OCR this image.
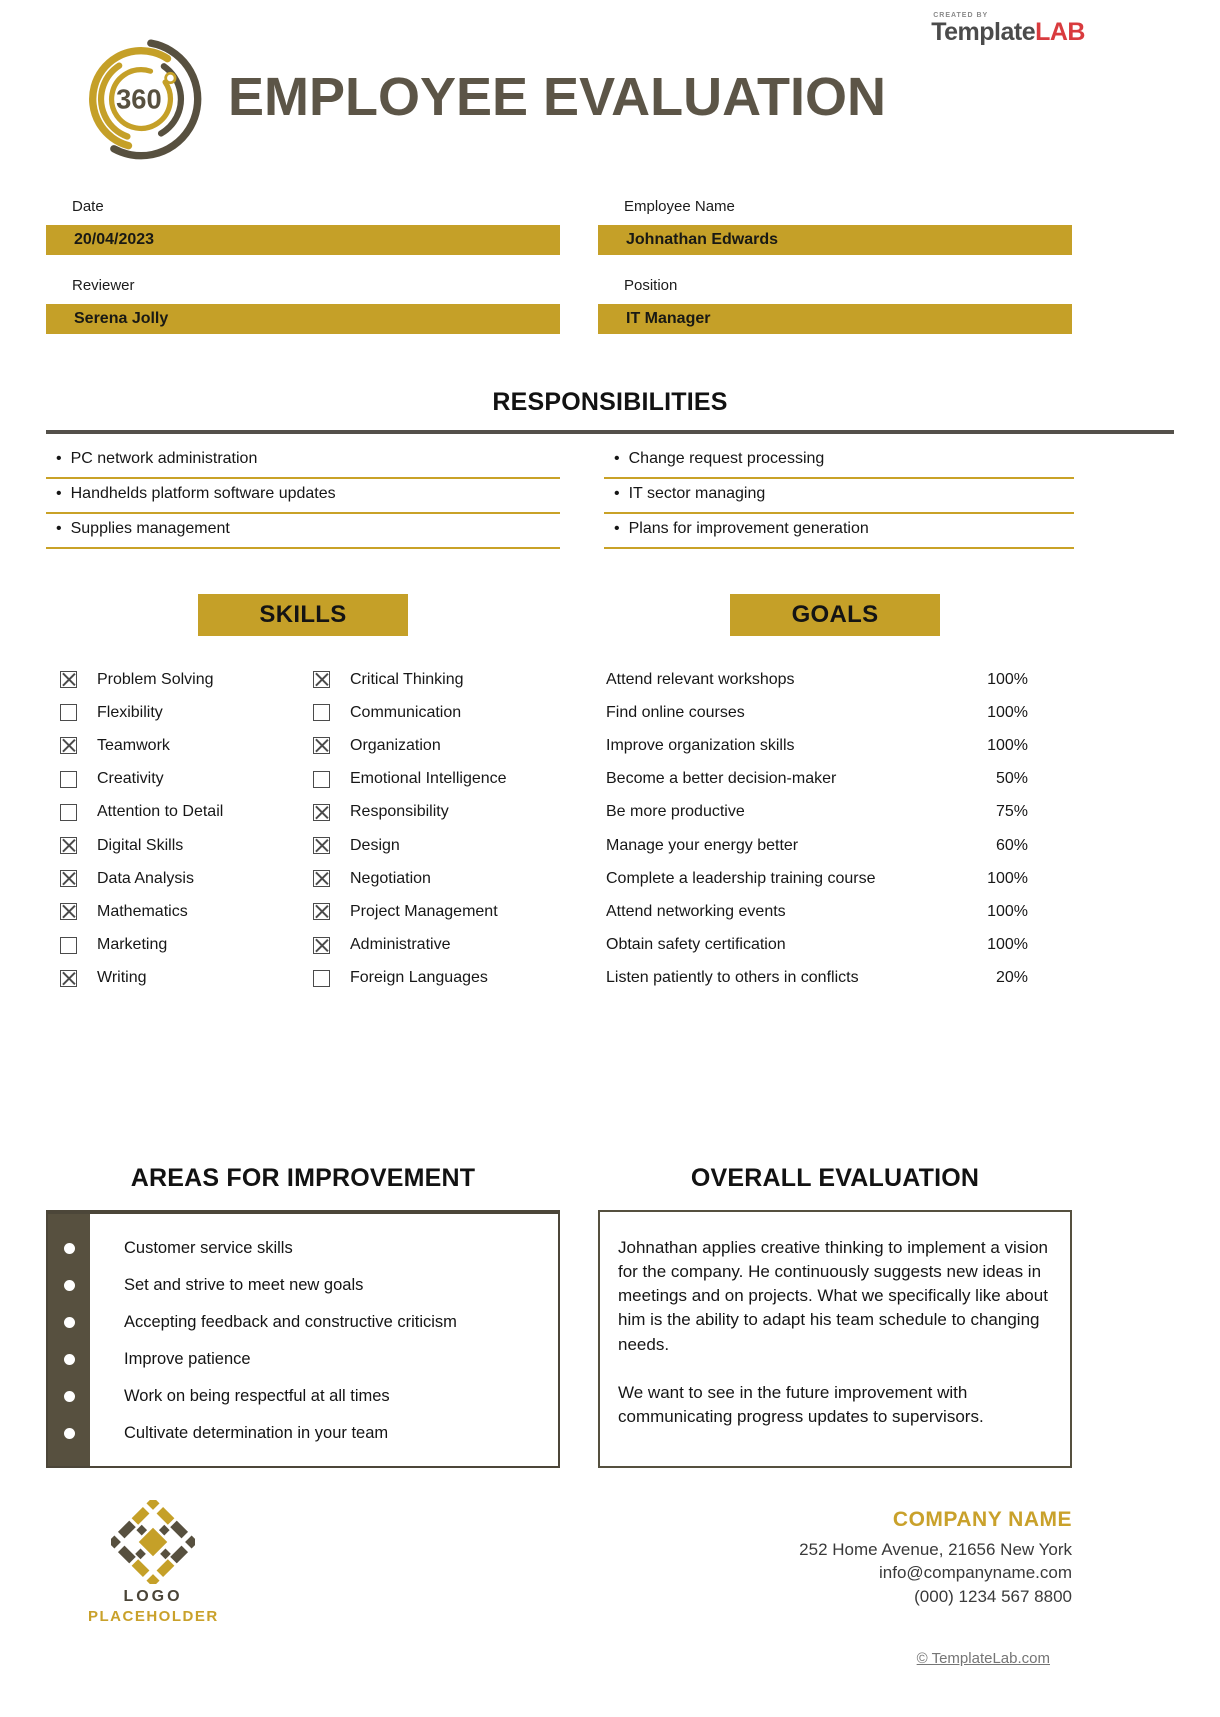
CREATED BY
Template LAB
360 EMPLOYEE EVALUATION
Date
20/04/2023
Employee Name
Johnathan Edwards
Reviewer
Serena Jolly
Position
IT Manager
RESPONSIBILITIES
• PC network administration
• Handhelds platform software updates
• Supplies management
• Change request processing
• IT sector managing
• Plans for improvement generation
SKILLS
Problem Solving	Critical Thinking
Flexibility	Communication
Teamwork	Organization
Creativity	Emotional Intelligence
Attention to Detail	Responsibility
Digital Skills	Design
Data Analysis	Negotiation
Mathematics	Project Management
Marketing	Administrative
Writing	Foreign Languages
GOALS
Attend relevant workshops	100%
Find online courses	100%
Improve organization skills	100%
Become a better decision-maker	50%
Be more productive	75%
Manage your energy better	60%
Complete a leadership training course	100%
Attend networking events	100%
Obtain safety certification	100%
Listen patiently to others in conflicts	20%
AREAS FOR IMPROVEMENT	OVERALL EVALUATION
Customer service skills
Set and strive to meet new goals
Accepting feedback and constructive criticism
Improve patience
Work on being respectful at all times
Cultivate determination in your team

Johnathan applies creative thinking to implement a vision for the company. He continuously suggests new ideas in meetings and on projects. What we specifically like about him is the ability to adapt his team schedule to changing needs.

We want to see in the future improvement with communicating progress updates to supervisors.

LOGO
PLACEHOLDER
COMPANY NAME
252 Home Avenue, 21656 New York
info@companyname.com
(000) 1234 567 8800
© TemplateLab.com
